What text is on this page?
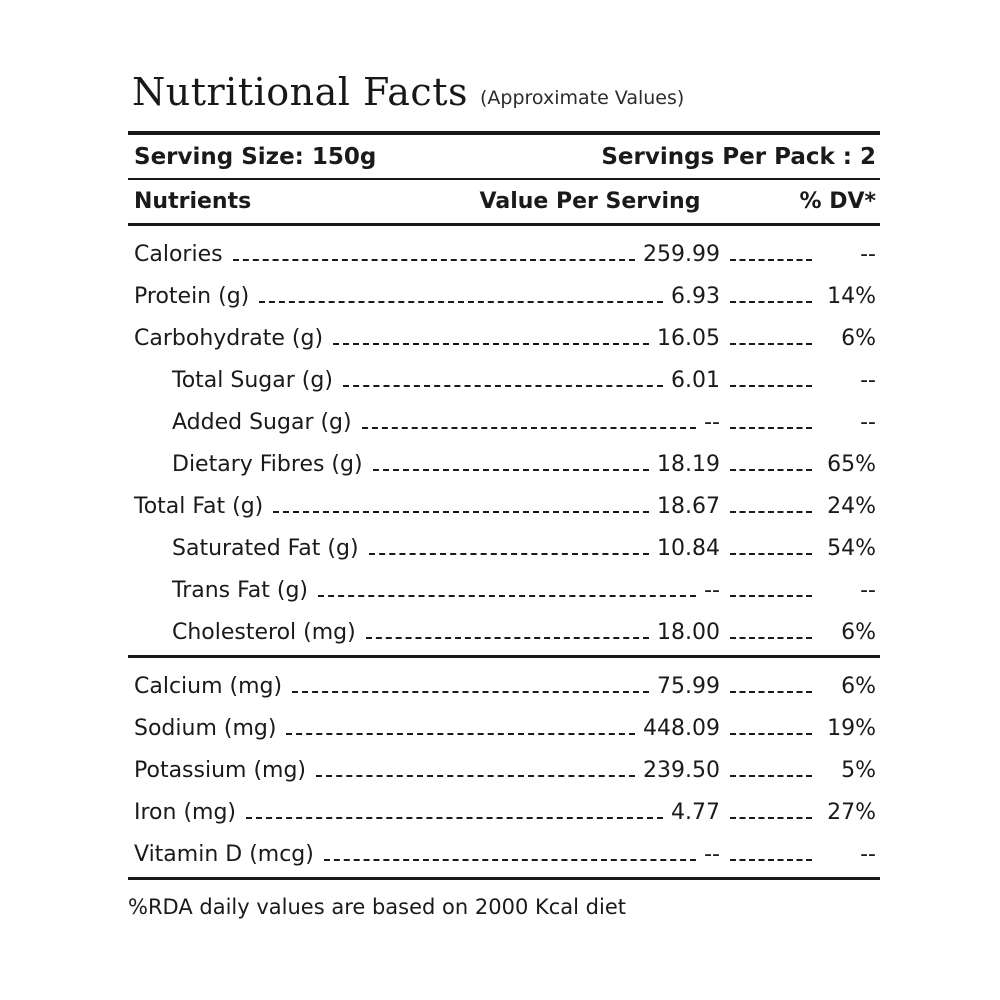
Nutritional Facts (Approximate Values)
Serving Size: 150g	Servings Per Pack : 2
Nutrients	Value Per Serving	% DV*
Calories	259.99	--
Protein (g)	6.93	14%
Carbohydrate (g)	16.05	6%
Total Sugar (g)	6.01	--
Added Sugar (g)	--	--
Dietary Fibres (g)	18.19	65%
Total Fat (g)	18.67	24%
Saturated Fat (g)	10.84	54%
Trans Fat (g)	--	--
Cholesterol (mg)	18.00	6%
Calcium (mg)	75.99	6%
Sodium (mg)	448.09	19%
Potassium (mg)	239.50	5%
Iron (mg)	4.77	27%
Vitamin D (mcg)	--	--
%RDA daily values are based on 2000 Kcal diet
